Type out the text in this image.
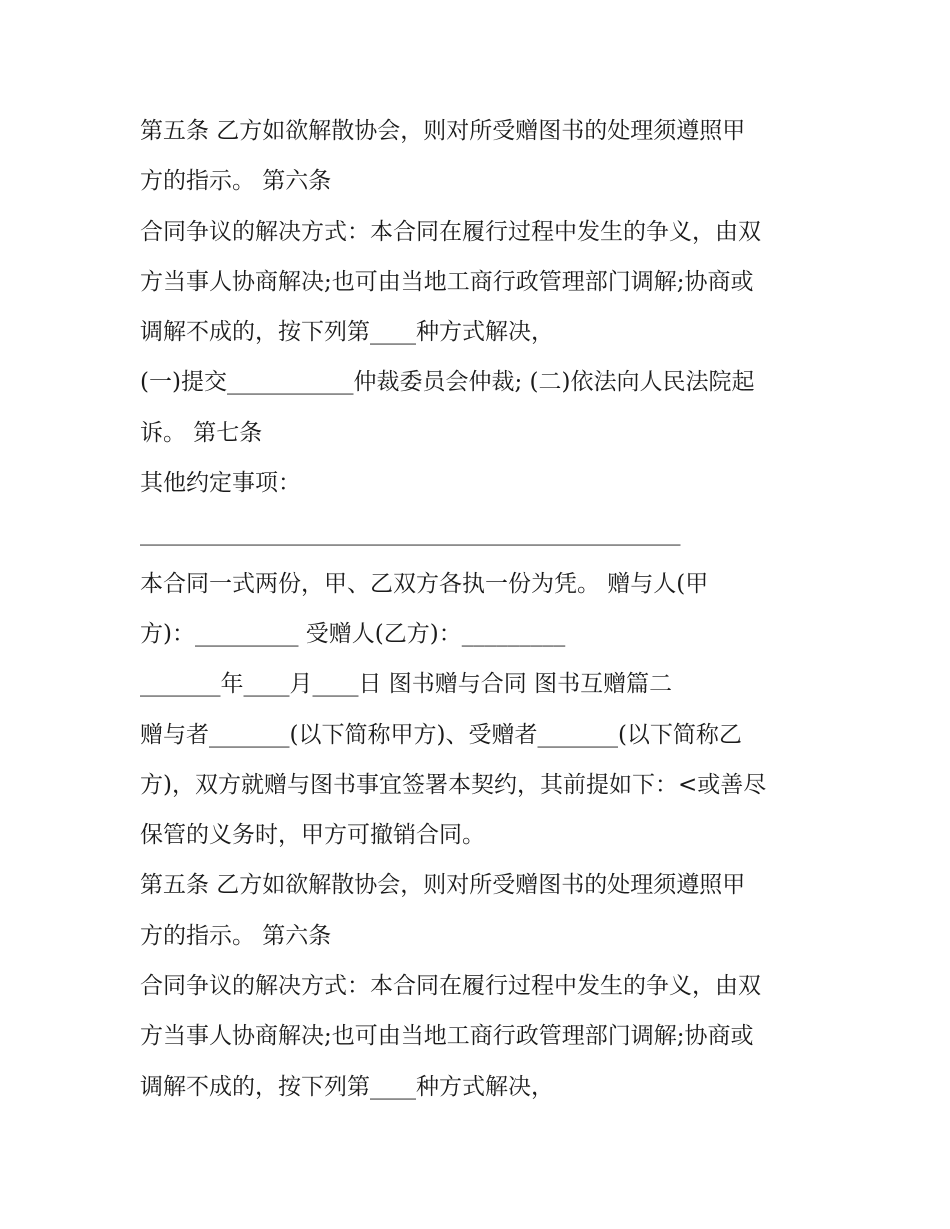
第五条 乙方如欲解散协会，则对所受赠图书的处理须遵照甲

方的指示。 第六条

合同争议的解决方式：本合同在履行过程中发生的争义，由双

方当事人协商解决;也可由当地工商行政管理部门调解;协商或

调解不成的，按下列第____种方式解决，

(一)提交___________仲裁委员会仲裁; (二)依法向人民法院起

诉。 第七条

其他约定事项：

_______________________________________________

本合同一式两份，甲、乙双方各执一份为凭。 赠与人(甲

方)：_________ 受赠人(乙方)：_________

_______年____月____日 图书赠与合同 图书互赠篇二

赠与者_______(以下简称甲方)、受赠者_______(以下简称乙

方)，双方就赠与图书事宜签署本契约，其前提如下：<或善尽

保管的义务时，甲方可撤销合同。

第五条 乙方如欲解散协会，则对所受赠图书的处理须遵照甲

方的指示。 第六条

合同争议的解决方式：本合同在履行过程中发生的争义，由双

方当事人协商解决;也可由当地工商行政管理部门调解;协商或

调解不成的，按下列第____种方式解决，
